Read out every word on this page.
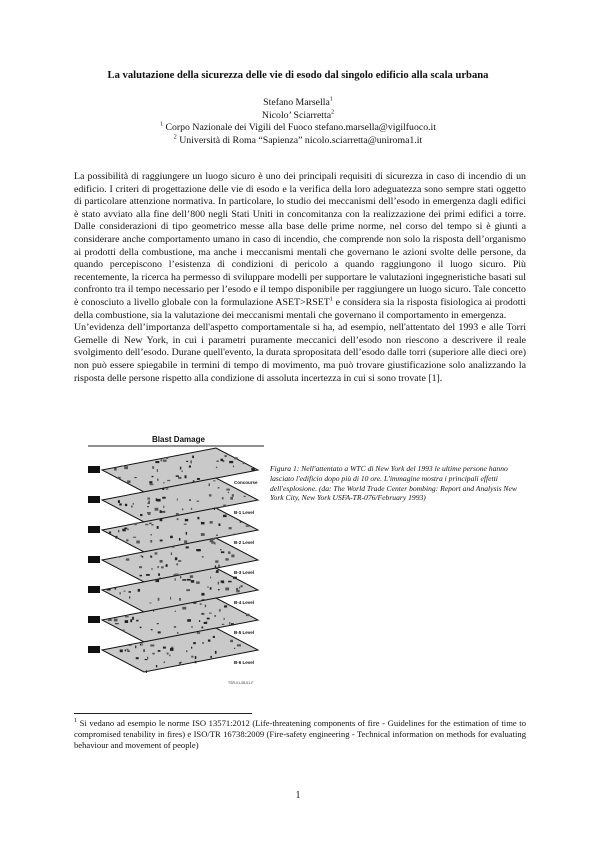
La valutazione della sicurezza delle vie di esodo dal singolo edificio alla scala urbana
Stefano Marsella$^1$
Nicolo’ Sciarretta$^2$
$^1$ Corpo Nazionale dei Vigili del Fuoco stefano.marsella@vigilfuoco.it
$^2$ Università di Roma “Sapienza” nicolo.sciarretta@uniroma1.it

La possibilità di raggiungere un luogo sicuro è uno dei principali requisiti di sicurezza in caso di incendio di un edificio. I criteri di progettazione delle vie di esodo e la verifica della loro adeguatezza sono sempre stati oggetto di particolare attenzione normativa. In particolare, lo studio dei meccanismi dell’esodo in emergenza dagli edifici è stato avviato alla fine dell’800 negli Stati Uniti in concomitanza con la realizzazione dei primi edifici a torre. Dalle considerazioni di tipo geometrico messe alla base delle prime norme, nel corso del tempo si è giunti a considerare anche comportamento umano in caso di incendio, che comprende non solo la risposta dell’organismo ai prodotti della combustione, ma anche i meccanismi mentali che governano le azioni svolte delle persone, da quando percepiscono l’esistenza di condizioni di pericolo a quando raggiungono il luogo sicuro. Più recentemente, la ricerca ha permesso di sviluppare modelli per supportare le valutazioni ingegneristiche basati sul confronto tra il tempo necessario per l’esodo e il tempo disponibile per raggiungere un luogo sicuro. Tale concetto è conosciuto a livello globale con la formulazione $ASET>RSET^1$ e considera sia la risposta fisiologica ai prodotti della combustione, sia la valutazione dei meccanismi mentali che governano il comportamento in emergenza.

Un’evidenza dell’importanza dell'aspetto comportamentale si ha, ad esempio, nell'attentato del 1993 e alle Torri Gemelle di New York, in cui i parametri puramente meccanici dell’esodo non riescono a descrivere il reale svolgimento dell’esodo. Durane quell'evento, la durata spropositata dell’esodo dalle torri (superiore alle dieci ore) non può essere spiegabile in termini di tempo di movimento, ma può trovare giustificazione solo analizzando la risposta delle persone rispetto alla condizione di assoluta incertezza in cui si sono trovate [1].

Blast Damage
Concourse
B-1 Level
B-2 Level
B-3 Level
B-4 Level
B-5 Level
B-6 Level
TSR-01-08-01-F
Figura 1: Nell'attentato a WTC di New York del 1993 le ultime persone hanno lasciato l'edificio dopo più di 10 ore. L'immagine mostra i principali effetti dell'esplosione. (da: The World Trade Center bombing: Report and Analysis New York City, New York USFA-TR-076/February 1993)
$^1$ Si vedano ad esempio le norme ISO 13571:2012 (Life-threatening components of fire - Guidelines for the estimation of time to compromised tenability in fires) e ISO/TR 16738:2009 (Fire-safety engineering - Technical information on methods for evaluating behaviour and movement of people)
1
